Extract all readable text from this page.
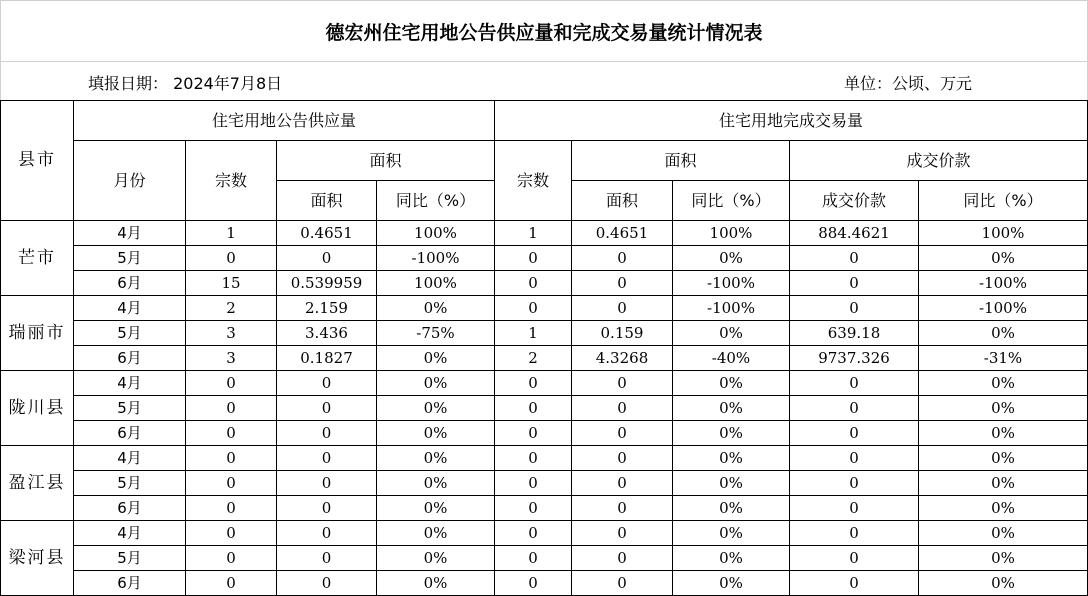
德宏州住宅用地公告供应量和完成交易量统计情况表
填报日期： 2024年7月8日	单位：公顷、万元
县市	住宅用地公告供应量				住宅用地完成交易量				
	月份	宗数	面积		宗数	面积		成交价款	
			面积	同比（%）		面积	同比（%）	成交价款	同比（%）
芒市	4月	1	0.4651	100%	1	0.4651	100%	884.4621	100%
	5月	0	0	-100%	0	0	0%	0	0%
	6月	15	0.539959	100%	0	0	-100%	0	-100%
瑞丽市	4月	2	2.159	0%	0	0	-100%	0	-100%
	5月	3	3.436	-75%	1	0.159	0%	639.18	0%
	6月	3	0.1827	0%	2	4.3268	-40%	9737.326	-31%
陇川县	4月	0	0	0%	0	0	0%	0	0%
	5月	0	0	0%	0	0	0%	0	0%
	6月	0	0	0%	0	0	0%	0	0%
盈江县	4月	0	0	0%	0	0	0%	0	0%
	5月	0	0	0%	0	0	0%	0	0%
	6月	0	0	0%	0	0	0%	0	0%
梁河县	4月	0	0	0%	0	0	0%	0	0%
	5月	0	0	0%	0	0	0%	0	0%
	6月	0	0	0%	0	0	0%	0	0%
